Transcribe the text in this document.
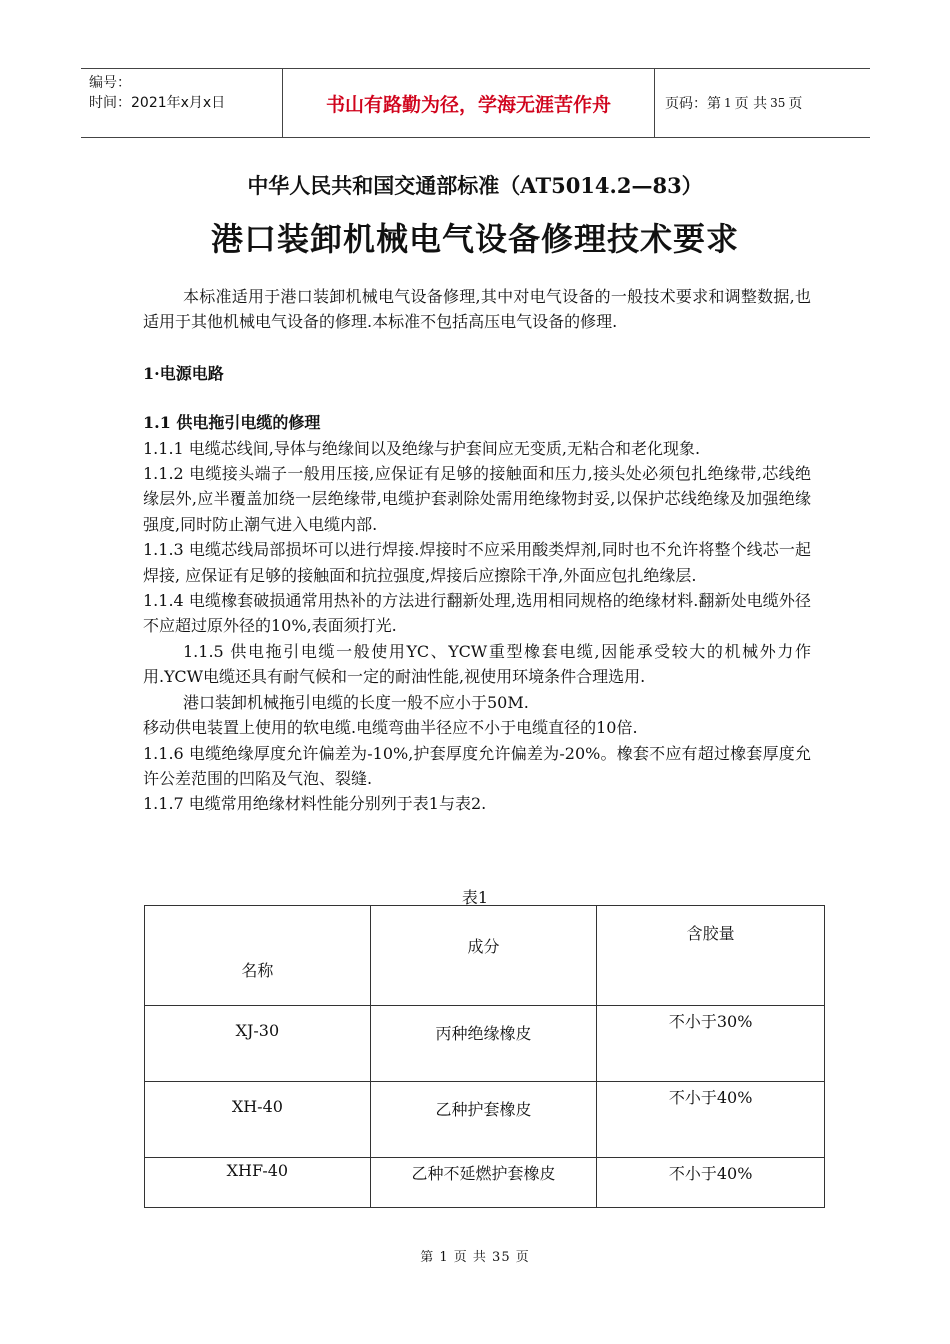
编号：
时间：2021年x月x日	书山有路勤为径，学海无涯苦作舟	页码：第 1 页 共 35 页
中华人民共和国交通部标准（AT5014.2—83）
港口装卸机械电气设备修理技术要求

本标准适用于港口装卸机械电气设备修理,其中对电气设备的一般技术要求和调整数据,也适用于其他机械电气设备的修理.本标准不包括高压电气设备的修理.

1·电源电路

1.1 供电拖引电缆的修理

1.1.1 电缆芯线间,导体与绝缘间以及绝缘与护套间应无变质,无粘合和老化现象.

1.1.2 电缆接头端子一般用压接,应保证有足够的接触面和压力,接头处必须包扎绝缘带,芯线绝缘层外,应半覆盖加绕一层绝缘带,电缆护套剥除处需用绝缘物封妥,以保护芯线绝缘及加强绝缘强度,同时防止潮气进入电缆内部.

1.1.3 电缆芯线局部损坏可以进行焊接.焊接时不应采用酸类焊剂,同时也不允许将整个线芯一起焊接, 应保证有足够的接触面和抗拉强度,焊接后应擦除干净,外面应包扎绝缘层.

1.1.4 电缆橡套破损通常用热补的方法进行翻新处理,选用相同规格的绝缘材料.翻新处电缆外径不应超过原外径的10%,表面须打光.

1.1.5 供电拖引电缆一般使用YC、YCW重型橡套电缆,因能承受较大的机械外力作用.YCW电缆还具有耐气候和一定的耐油性能,视使用环境条件合理选用.

港口装卸机械拖引电缆的长度一般不应小于50M.

移动供电装置上使用的软电缆.电缆弯曲半径应不小于电缆直径的10倍.

1.1.6 电缆绝缘厚度允许偏差为-10%,护套厚度允许偏差为-20%。橡套不应有超过橡套厚度允许公差范围的凹陷及气泡、裂缝.

1.1.7 电缆常用绝缘材料性能分别列于表1与表2.

表1
名称	成分	含胶量
XJ-30	丙种绝缘橡皮	不小于30%
XH-40	乙种护套橡皮	不小于40%
XHF-40	乙种不延燃护套橡皮	不小于40%
第 1 页 共 35 页
